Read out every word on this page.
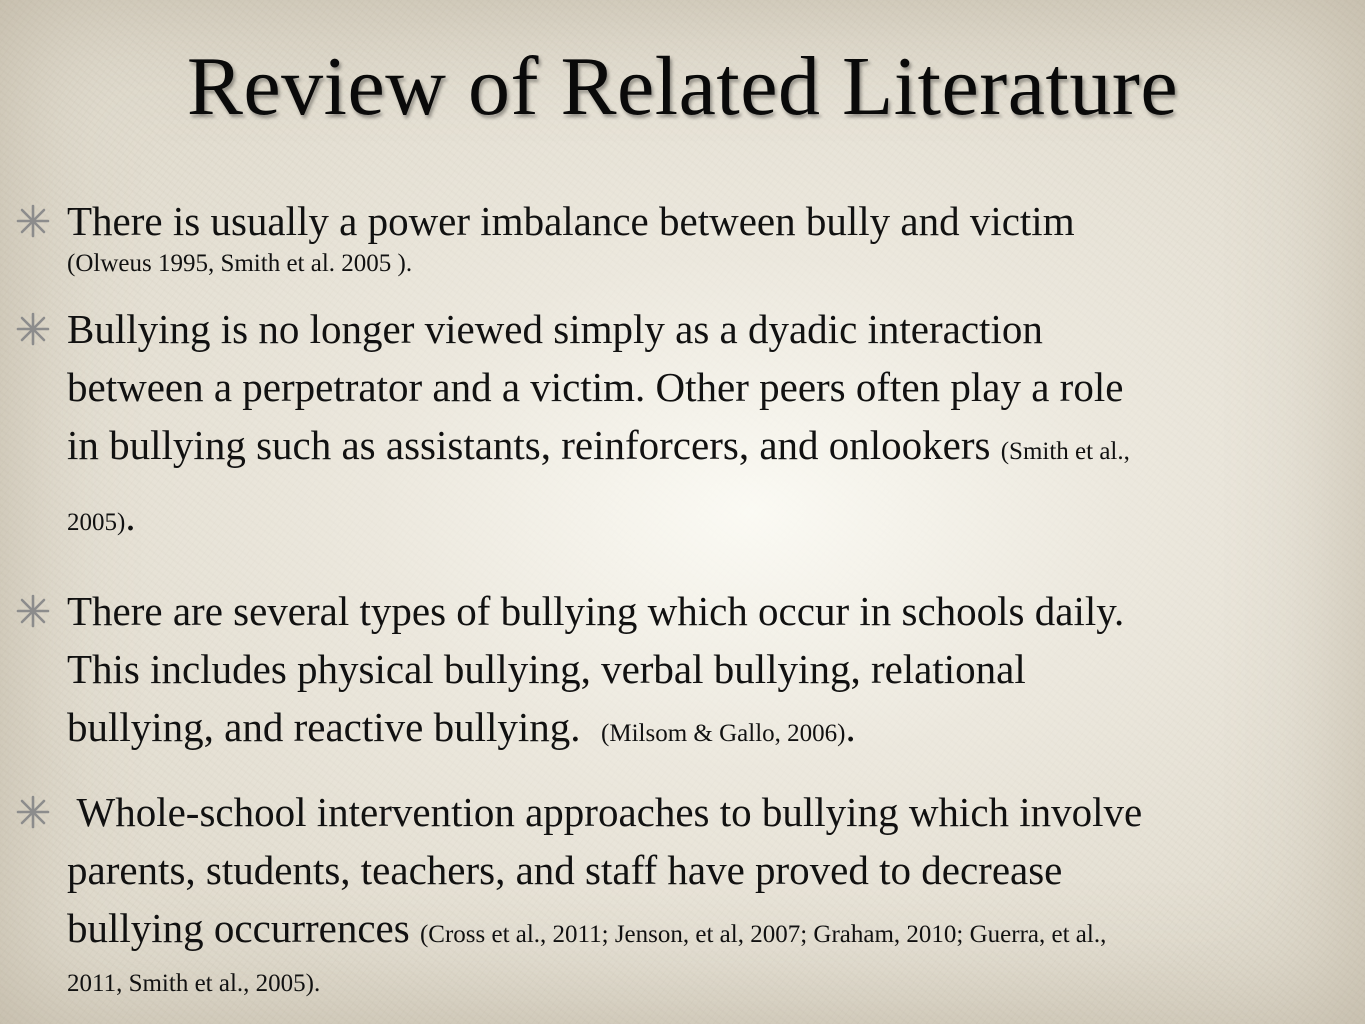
Review of Related Literature
There is usually a power imbalance between bully and victim
(Olweus 1995, Smith et al. 2005 ).
Bullying is no longer viewed simply as a dyadic interaction
between a perpetrator and a victim. Other peers often play a role
in bullying such as assistants, reinforcers, and onlookers (Smith et al.,
2005).
There are several types of bullying which occur in schools daily.
This includes physical bullying, verbal bullying, relational
bullying, and reactive bullying. (Milsom & Gallo, 2006).
Whole-school intervention approaches to bullying which involve
parents, students, teachers, and staff have proved to decrease
bullying occurrences (Cross et al., 2011; Jenson, et al, 2007; Graham, 2010; Guerra, et al.,
2011, Smith et al., 2005).
